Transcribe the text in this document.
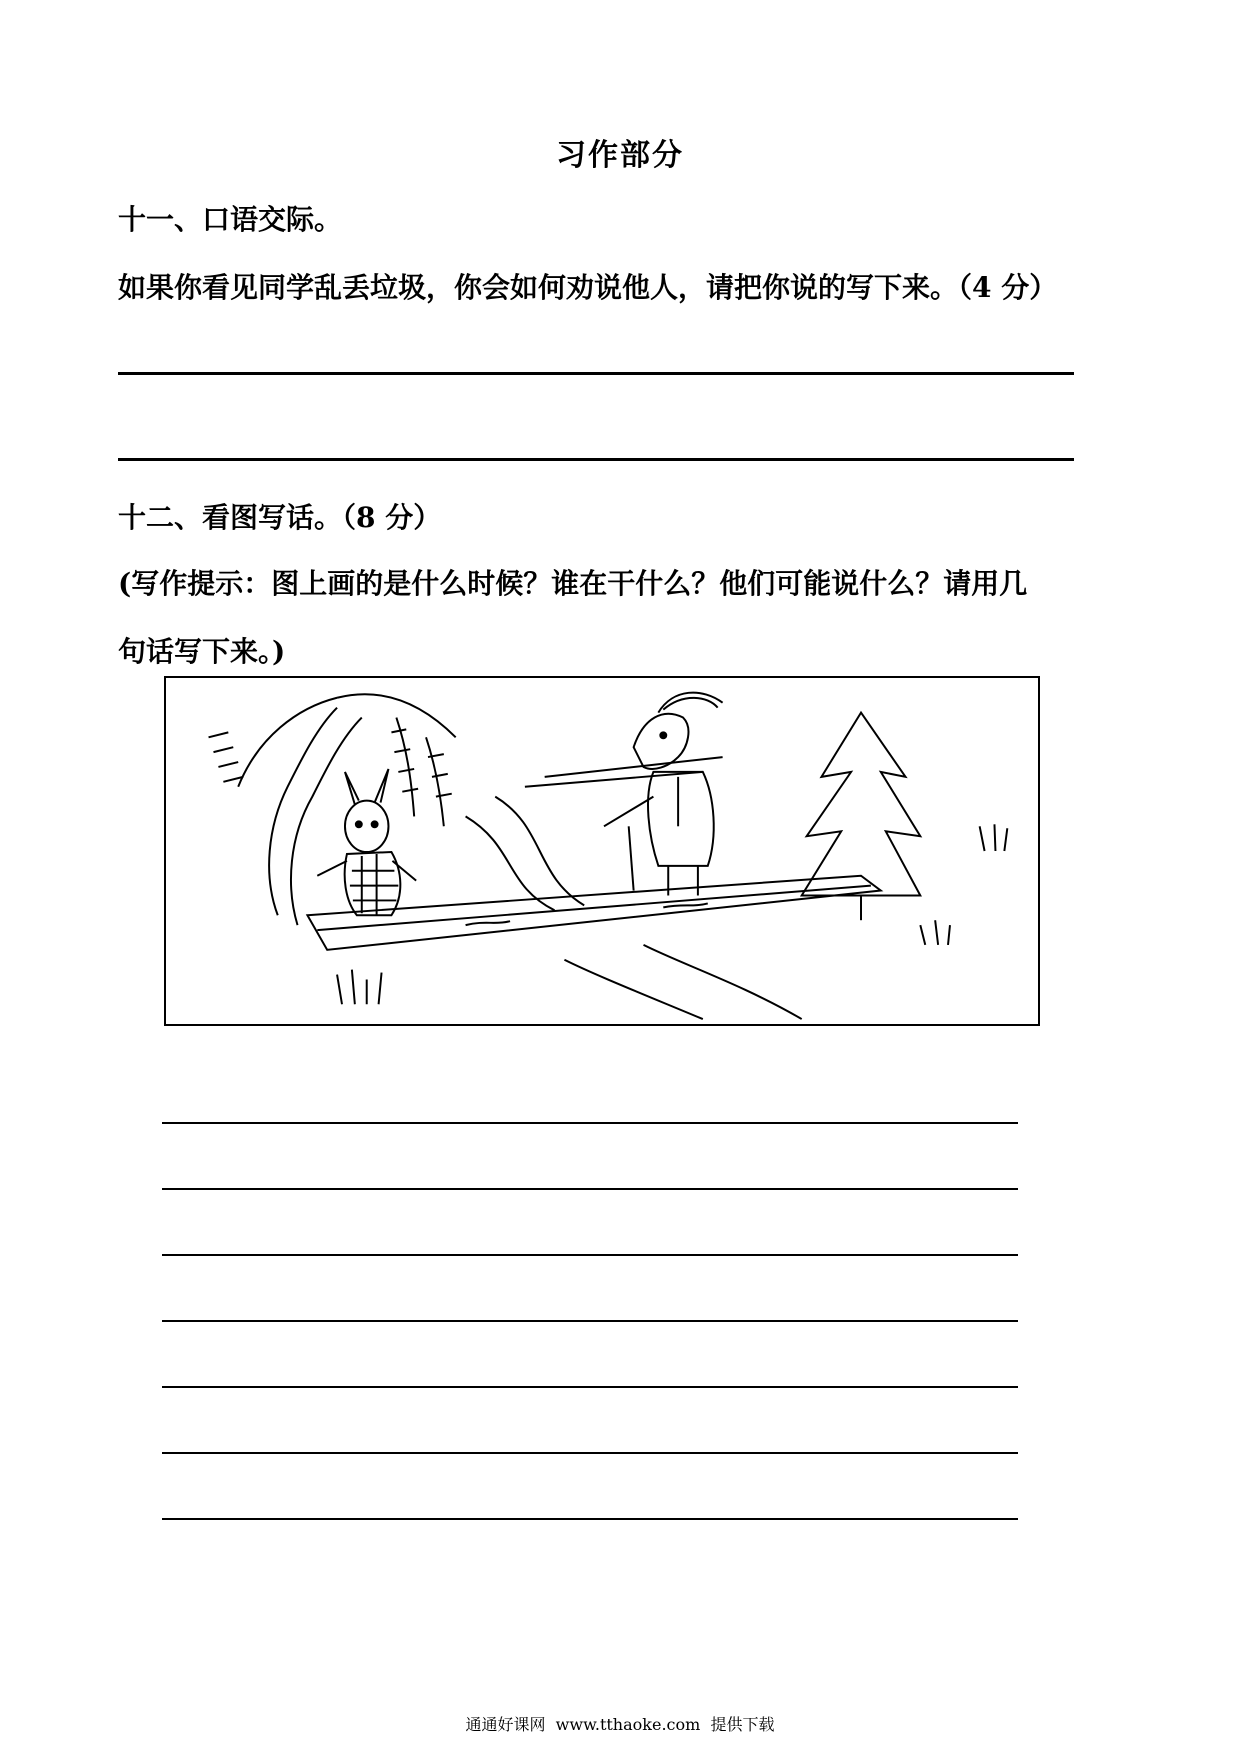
习作部分
十一、口语交际。
如果你看见同学乱丢垃圾，你会如何劝说他人，请把你说的写下来。（4 分）
十二、看图写话。（8 分）
(写作提示：图上画的是什么时候？谁在干什么？他们可能说什么？请用几
句话写下来。)
通通好课网  www.tthaoke.com  提供下载
